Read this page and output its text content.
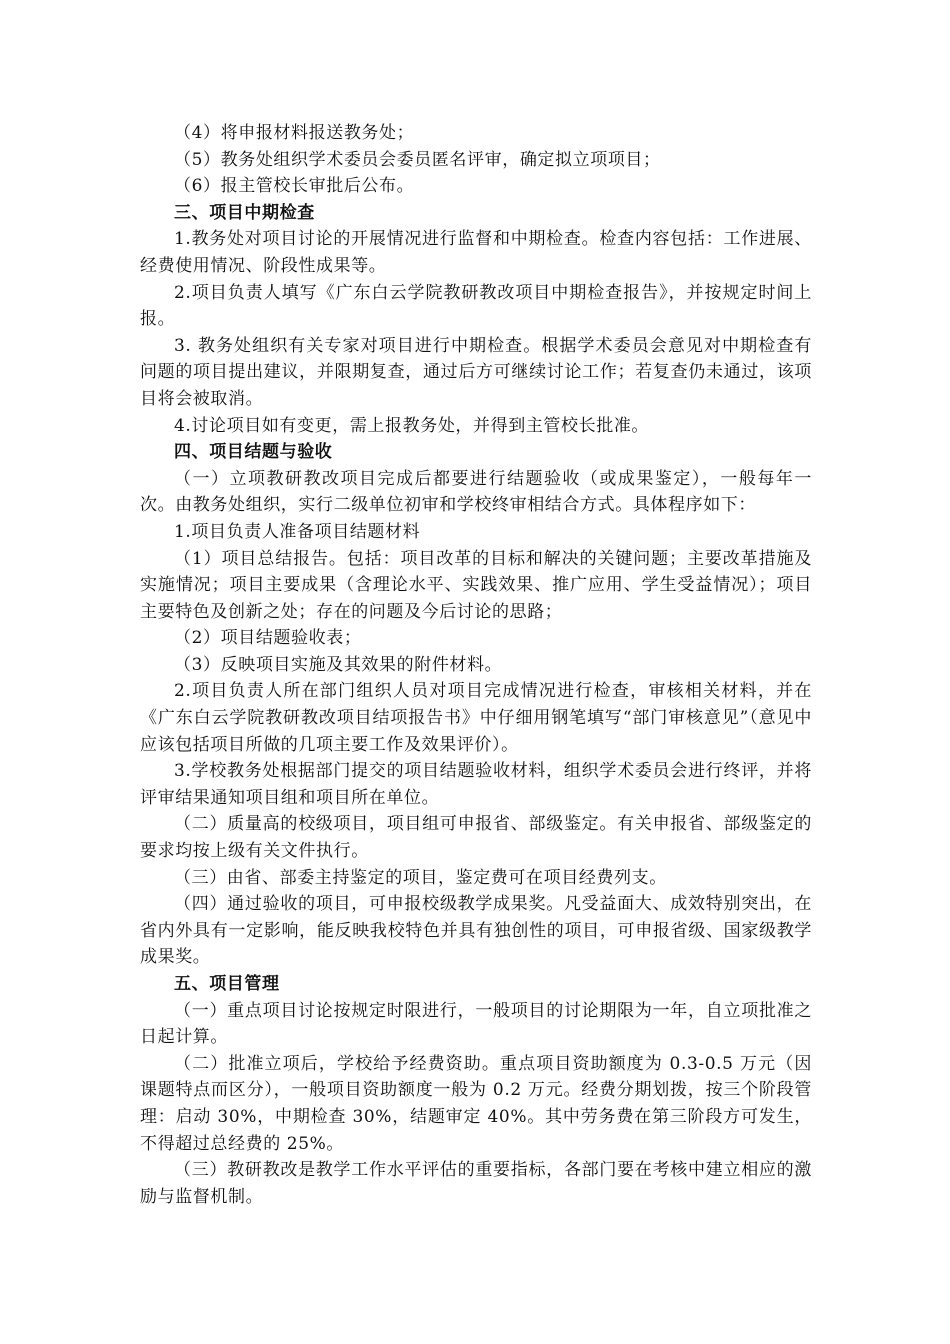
（4）将申报材料报送教务处；

（5）教务处组织学术委员会委员匿名评审，确定拟立项项目；

（6）报主管校长审批后公布。

三、项目中期检查

1.教务处对项目讨论的开展情况进行监督和中期检查。检查内容包括：工作进展、经费使用情况、阶段性成果等。

2.项目负责人填写《广东白云学院教研教改项目中期检查报告》，并按规定时间上报。

3. 教务处组织有关专家对项目进行中期检查。根据学术委员会意见对中期检查有问题的项目提出建议，并限期复查，通过后方可继续讨论工作；若复查仍未通过，该项目将会被取消。

4.讨论项目如有变更，需上报教务处，并得到主管校长批准。

四、项目结题与验收

（一）立项教研教改项目完成后都要进行结题验收（或成果鉴定），一般每年一次。由教务处组织，实行二级单位初审和学校终审相结合方式。具体程序如下：

1.项目负责人准备项目结题材料

（1）项目总结报告。包括：项目改革的目标和解决的关键问题；主要改革措施及实施情况；项目主要成果（含理论水平、实践效果、推广应用、学生受益情况）；项目主要特色及创新之处；存在的问题及今后讨论的思路；

（2）项目结题验收表；

（3）反映项目实施及其效果的附件材料。

2.项目负责人所在部门组织人员对项目完成情况进行检查，审核相关材料，并在《广东白云学院教研教改项目结项报告书》中仔细用钢笔填写“部门审核意见”（意见中应该包括项目所做的几项主要工作及效果评价）。

3.学校教务处根据部门提交的项目结题验收材料，组织学术委员会进行终评，并将评审结果通知项目组和项目所在单位。

（二）质量高的校级项目，项目组可申报省、部级鉴定。有关申报省、部级鉴定的要求均按上级有关文件执行。

（三）由省、部委主持鉴定的项目，鉴定费可在项目经费列支。

（四）通过验收的项目，可申报校级教学成果奖。凡受益面大、成效特别突出，在省内外具有一定影响，能反映我校特色并具有独创性的项目，可申报省级、国家级教学成果奖。

五、项目管理

（一）重点项目讨论按规定时限进行，一般项目的讨论期限为一年，自立项批准之日起计算。

（二）批准立项后，学校给予经费资助。重点项目资助额度为 0.3-0.5 万元（因课题特点而区分），一般项目资助额度一般为 0.2 万元。经费分期划拨，按三个阶段管理：启动 30%，中期检查 30%，结题审定 40%。其中劳务费在第三阶段方可发生，不得超过总经费的 25%。

（三）教研教改是教学工作水平评估的重要指标，各部门要在考核中建立相应的激励与监督机制。
